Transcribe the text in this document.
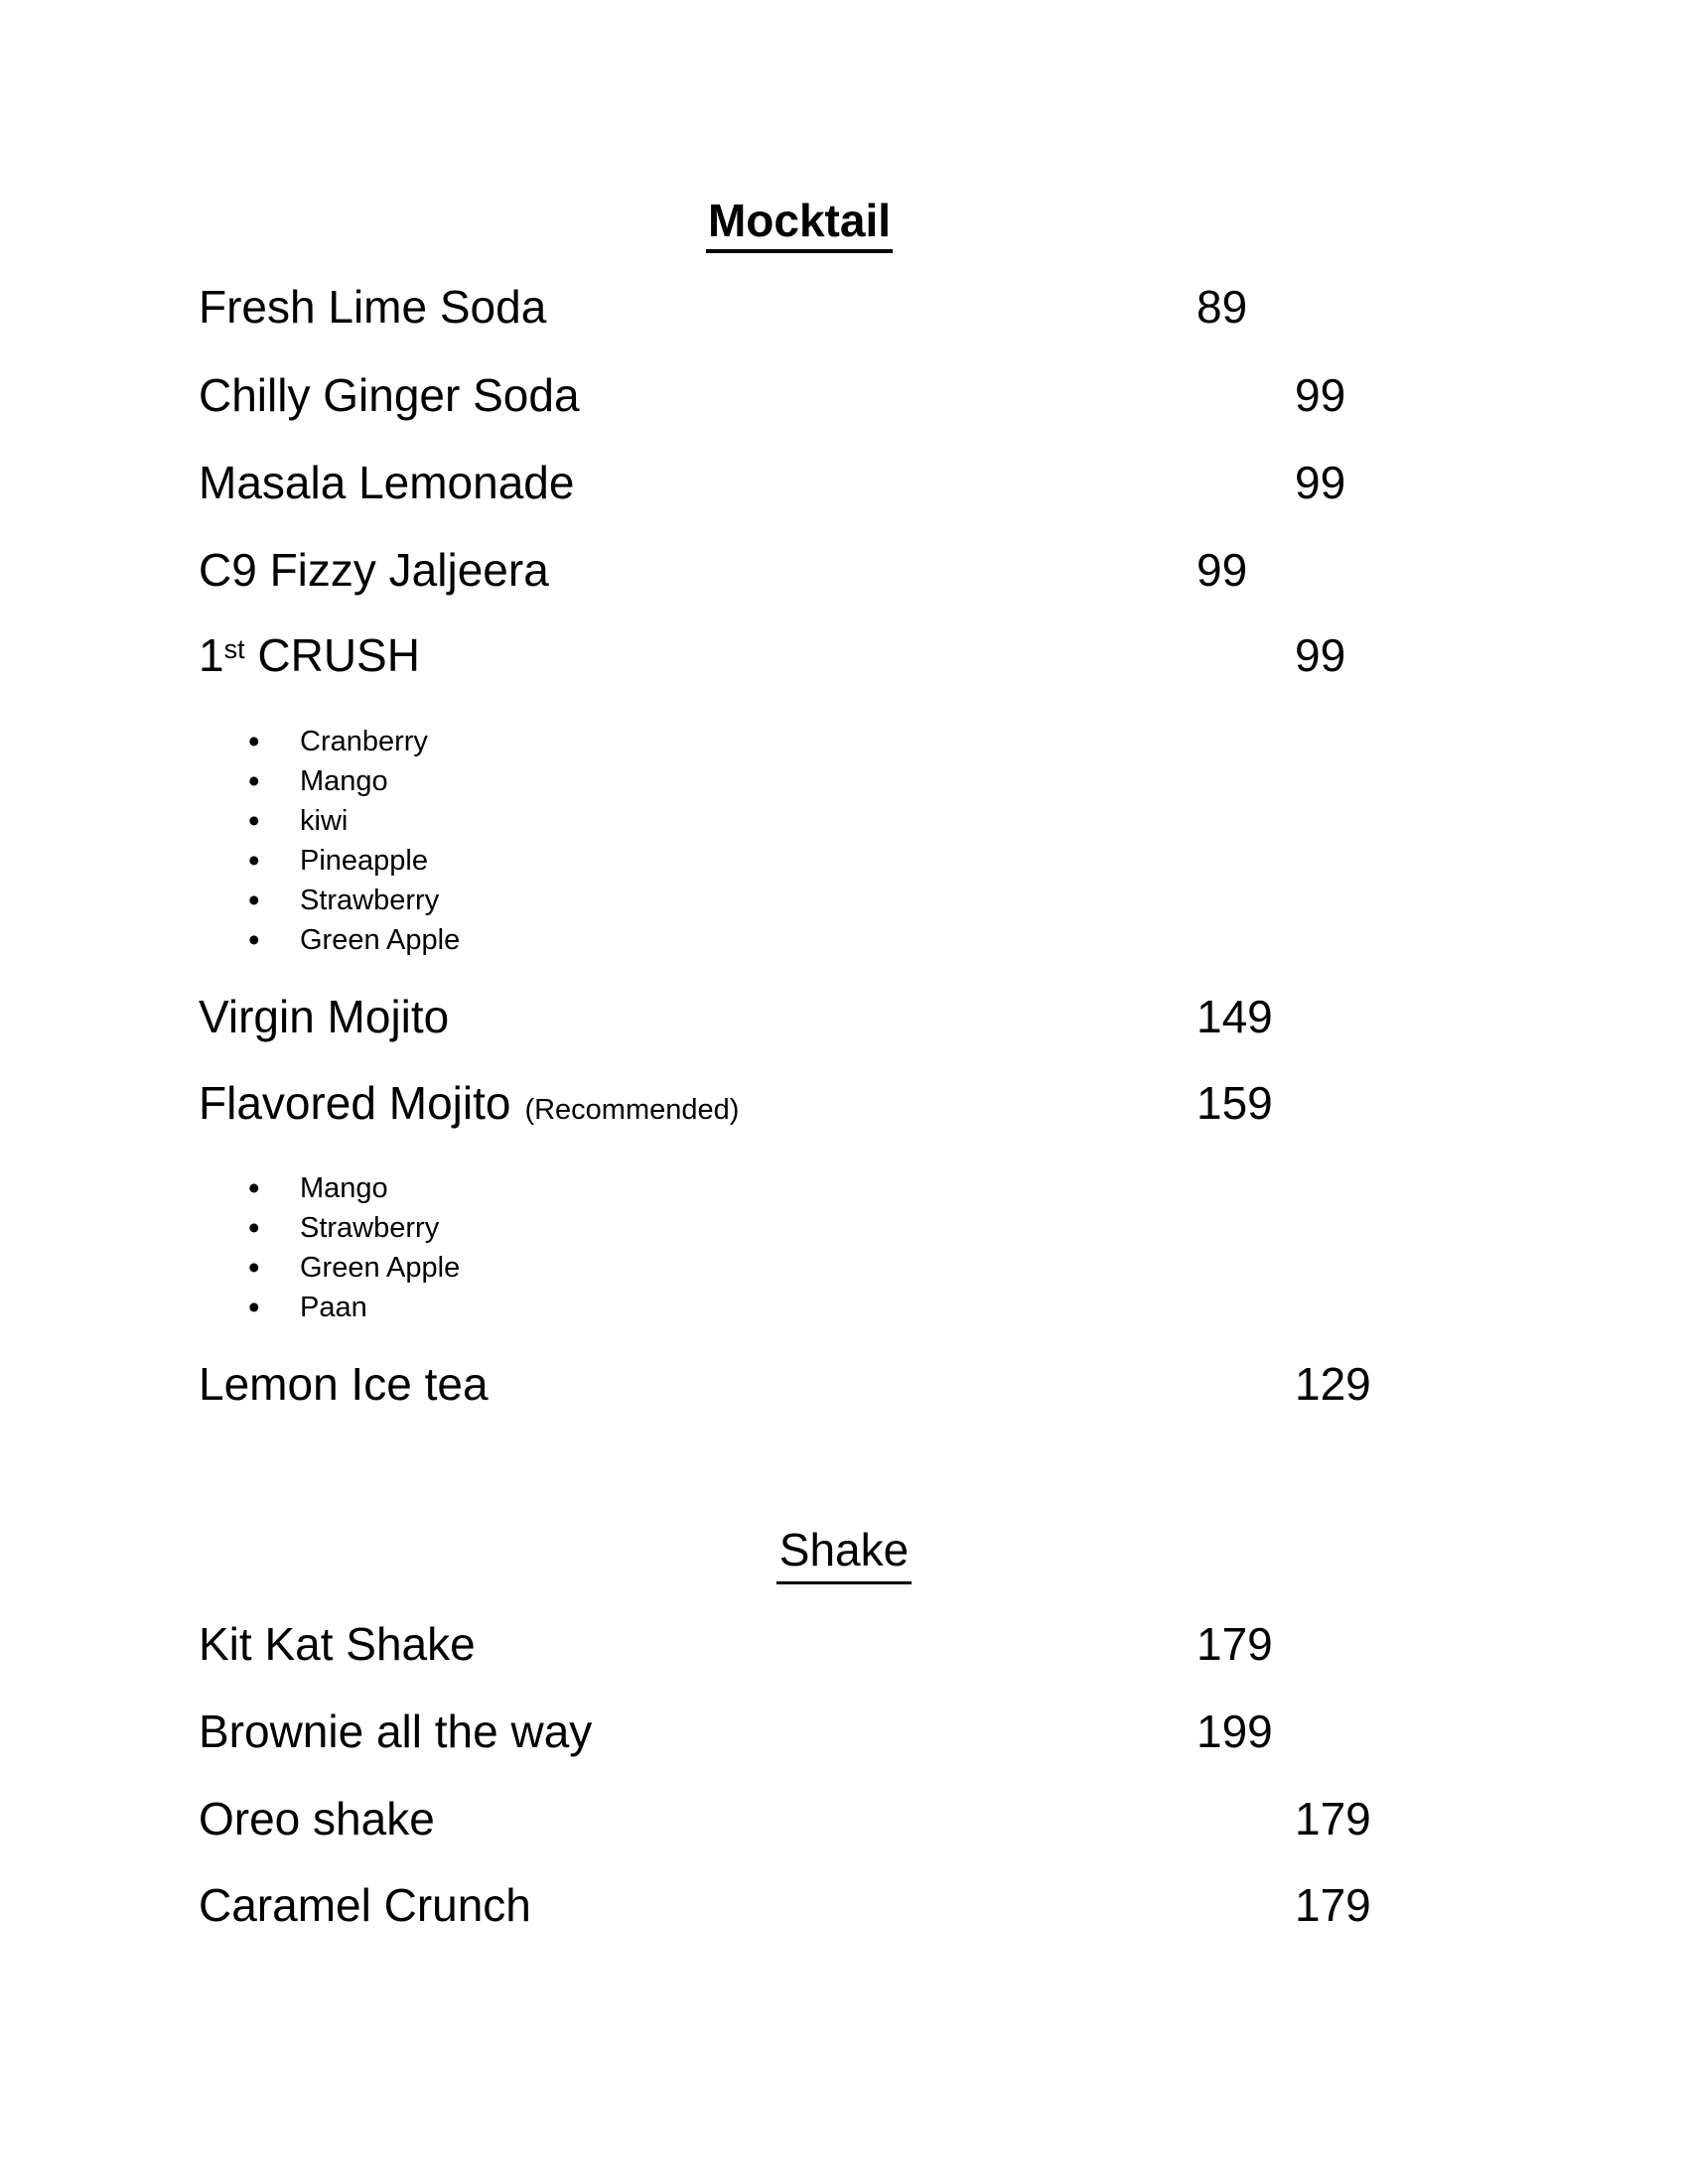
Mocktail
Fresh Lime Soda	89
Chilly Ginger Soda	99
Masala Lemonade	99
C9 Fizzy Jaljeera	99
1st CRUSH	99
• Cranberry
• Mango
• kiwi
• Pineapple
• Strawberry
• Green Apple
Virgin Mojito	149
Flavored Mojito (Recommended)	159
• Mango
• Strawberry
• Green Apple
• Paan
Lemon Ice tea	129
Shake
Kit Kat Shake	179
Brownie all the way	199
Oreo shake	179
Caramel Crunch	179
